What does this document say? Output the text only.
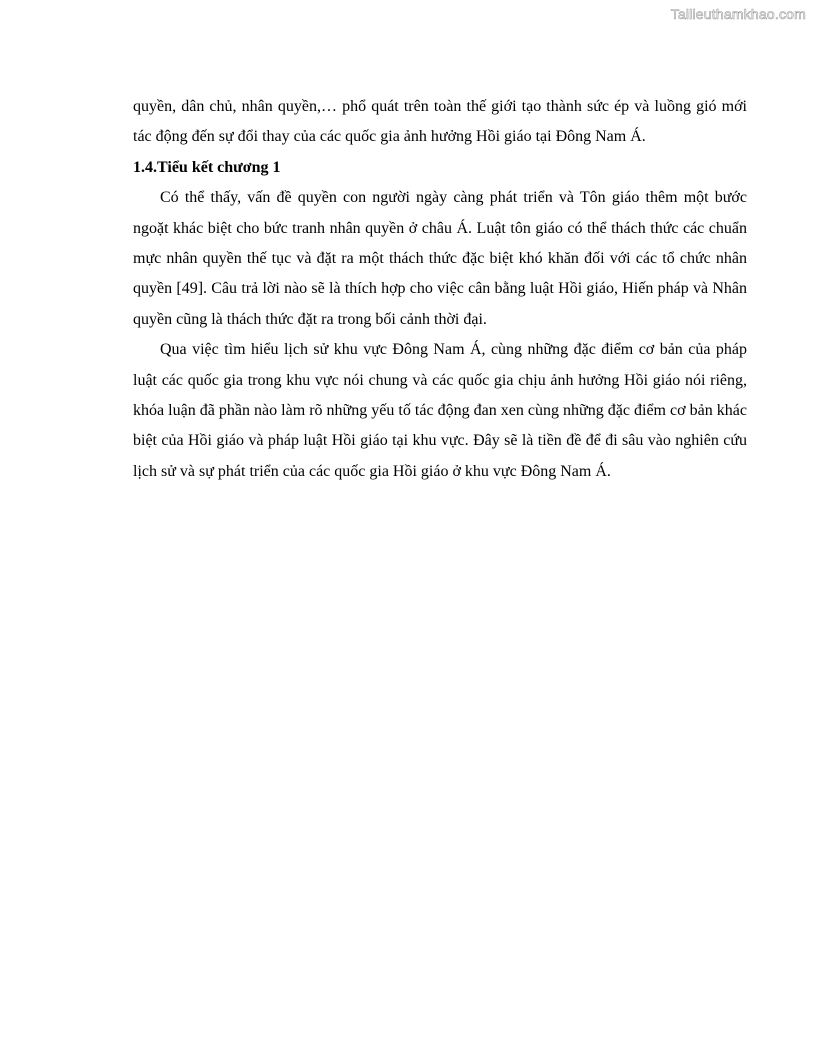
Tailieuthamkhao.com

quyền, dân chủ, nhân quyền,… phổ quát trên toàn thế giới tạo thành sức ép và luồng gió mới tác động đến sự đổi thay của các quốc gia ảnh hưởng Hồi giáo tại Đông Nam Á.

1.4.Tiểu kết chương 1

Có thể thấy, vấn đề quyền con người ngày càng phát triển và Tôn giáo thêm một bước ngoặt khác biệt cho bức tranh nhân quyền ở châu Á. Luật tôn giáo có thể thách thức các chuẩn mực nhân quyền thế tục và đặt ra một thách thức đặc biệt khó khăn đối với các tổ chức nhân quyền [49]. Câu trả lời nào sẽ là thích hợp cho việc cân bằng luật Hồi giáo, Hiến pháp và Nhân quyền cũng là thách thức đặt ra trong bối cảnh thời đại.

Qua việc tìm hiểu lịch sử khu vực Đông Nam Á, cùng những đặc điểm cơ bản của pháp luật các quốc gia trong khu vực nói chung và các quốc gia chịu ảnh hưởng Hồi giáo nói riêng, khóa luận đã phần nào làm rõ những yếu tố tác động đan xen cùng những đặc điểm cơ bản khác biệt của Hồi giáo và pháp luật Hồi giáo tại khu vực. Đây sẽ là tiền đề để đi sâu vào nghiên cứu lịch sử và sự phát triển của các quốc gia Hồi giáo ở khu vực Đông Nam Á.
